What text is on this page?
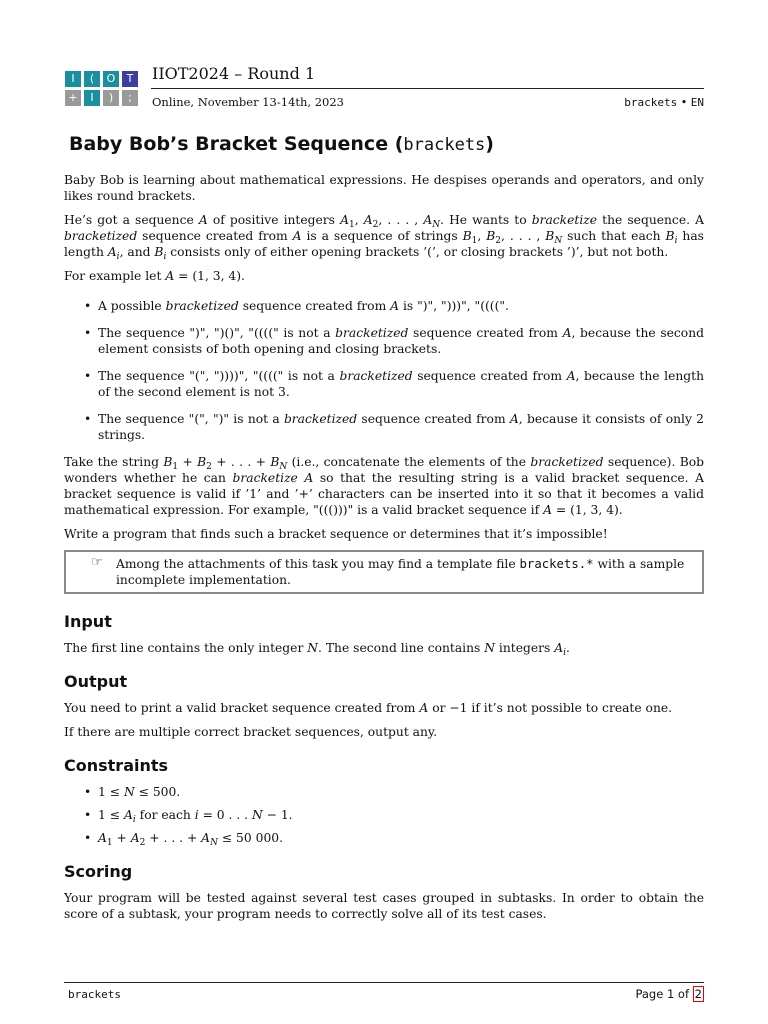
I	(	O	T
+	I	)	;
IIOT2024 – Round 1
Online, November 13-14th, 2023	brackets • EN
Baby Bob’s Bracket Sequence (brackets)

Baby Bob is learning about mathematical expressions. He despises operands and operators, and only likes round brackets.

He’s got a sequence A of positive integers $A_1$, $A_2$, . . . , $A_N$. He wants to bracketize the sequence. A bracketized sequence created from A is a sequence of strings $B_1$, $B_2$, . . . , $B_N$ such that each $B_i$ has length $A_i$, and $B_i$ consists only of either opening brackets ’(’, or closing brackets ’)’, but not both.

For example let A = (1, 3, 4).

• A possible bracketized sequence created from A is ")", ")))", "((((".
• The sequence ")", ")()", "((((" is not a bracketized sequence created from A, because the second element consists of both opening and closing brackets.
• The sequence "(", "))))", "((((" is not a bracketized sequence created from A, because the length of the second element is not 3.
• The sequence "(", ")" is not a bracketized sequence created from A, because it consists of only 2 strings.

Take the string $B_1 + B_2$ + . . . + $B_N$ (i.e., concatenate the elements of the bracketized sequence). Bob wonders whether he can bracketize A so that the resulting string is a valid bracket sequence. A bracket sequence is valid if ’1’ and ’+’ characters can be inserted into it so that it becomes a valid mathematical expression. For example, "((()))" is a valid bracket sequence if A = (1, 3, 4).

Write a program that finds such a bracket sequence or determines that it’s impossible!

☞ Among the attachments of this task you may find a template file brackets.* with a sample incomplete implementation.
Input

The first line contains the only integer N. The second line contains N integers $A_i$.

Output

You need to print a valid bracket sequence created from A or −1 if it’s not possible to create one.

If there are multiple correct bracket sequences, output any.

Constraints
• 1 ≤ N ≤ 500.
• $1 \le A_i$ for each i = 0 . . . N − 1.
• $A_1 + A_2$ + . . . + $A_N \le 50$ 000.
Scoring

Your program will be tested against several test cases grouped in subtasks. In order to obtain the score of a subtask, your program needs to correctly solve all of its test cases.

brackets	Page 1 of 2
